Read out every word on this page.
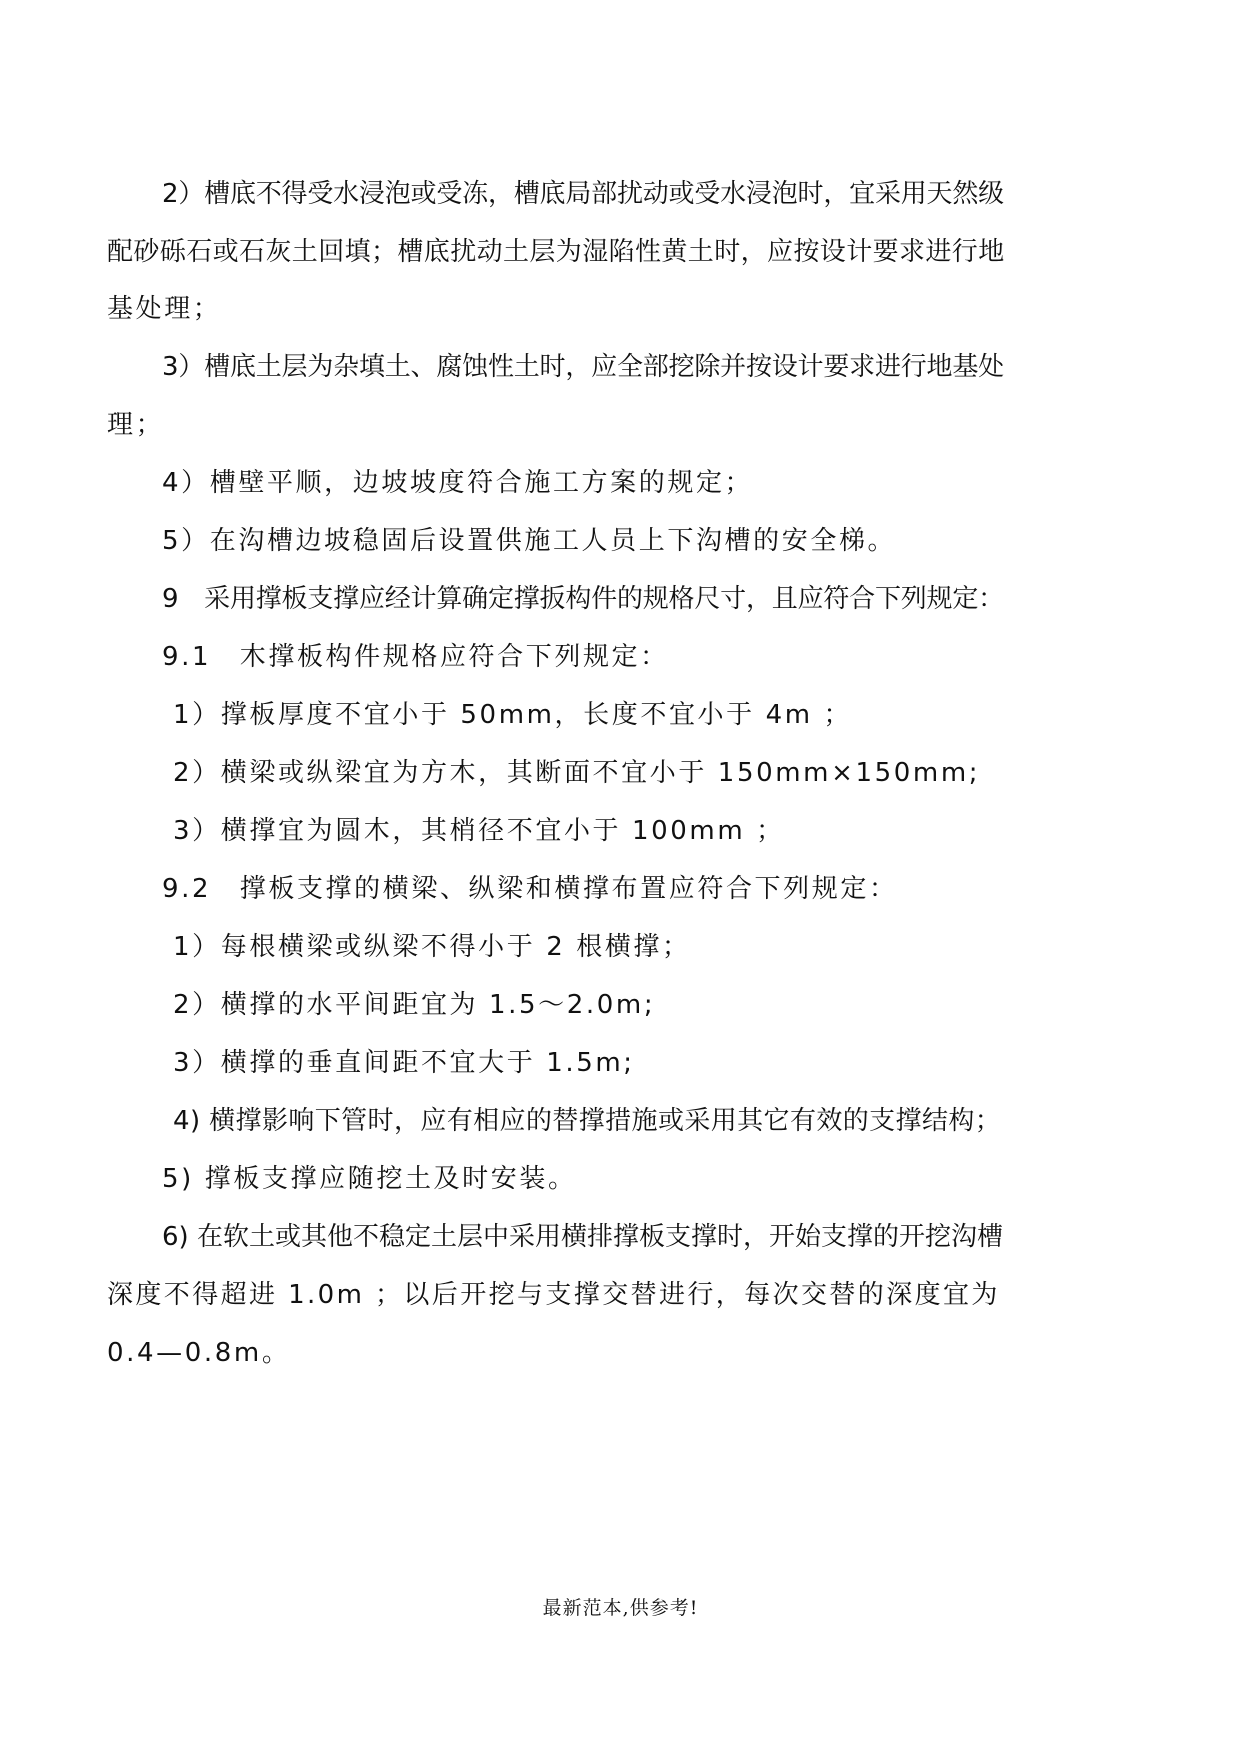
2）槽底不得受水浸泡或受冻，槽底局部扰动或受水浸泡时，宜采用天然级
配砂砾石或石灰土回填；槽底扰动土层为湿陷性黄土时，应按设计要求进行地
基处理；
3）槽底土层为杂填土、腐蚀性土时，应全部挖除并按设计要求进行地基处
理；
4）槽壁平顺，边坡坡度符合施工方案的规定；
5）在沟槽边坡稳固后设置供施工人员上下沟槽的安全梯。
9　采用撑板支撑应经计算确定撑扳构件的规格尺寸，且应符合下列规定：
9.1　木撑板构件规格应符合下列规定：
1）撑板厚度不宜小于 50mm，长度不宜小于 4m ；
2）横梁或纵梁宜为方木，其断面不宜小于 150mm×150mm;
3）横撑宜为圆木，其梢径不宜小于 100mm ；
9.2　撑板支撑的横梁、纵梁和横撑布置应符合下列规定：
1）每根横梁或纵梁不得小于 2 根横撑；
2）横撑的水平间距宜为 1.5～2.0m;
3）横撑的垂直间距不宜大于 1.5m;
4) 横撑影响下管时，应有相应的替撑措施或采用其它有效的支撑结构；
5) 撑板支撑应随挖土及时安装。
6) 在软土或其他不稳定土层中采用横排撑板支撑时，开始支撑的开挖沟槽
深度不得超进 1.0m ；以后开挖与支撑交替进行，每次交替的深度宜为
0.4—0.8m。
最新范本,供参考!
